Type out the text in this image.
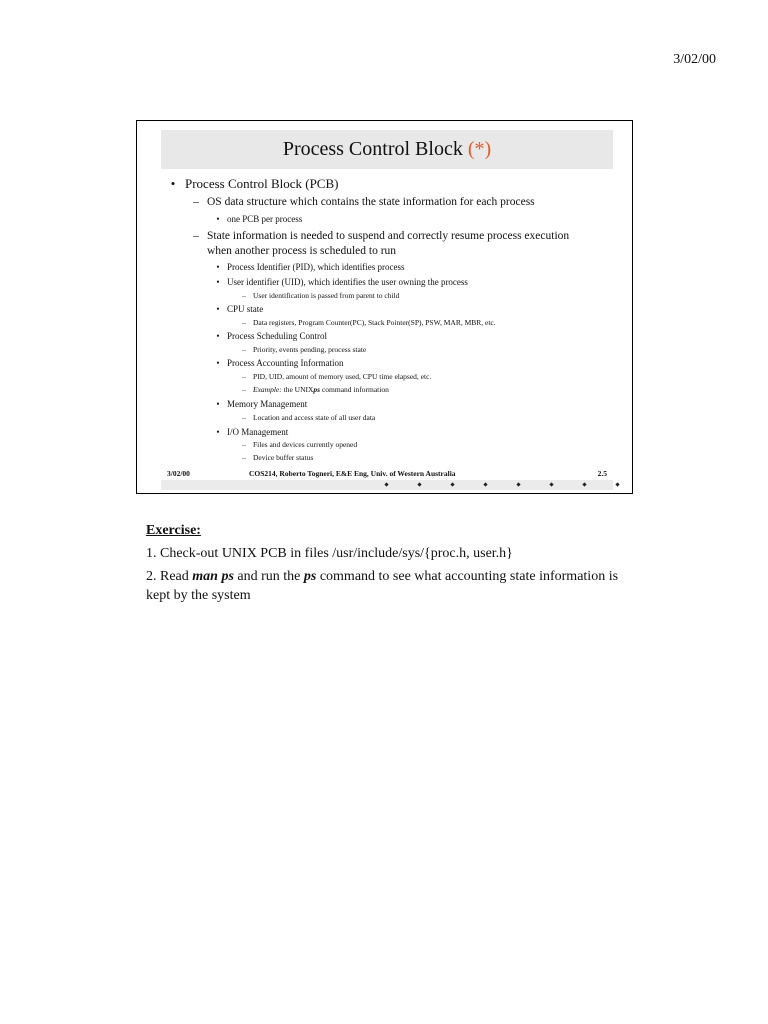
3/02/00
Process Control Block (*)
• Process Control Block (PCB)
– OS data structure which contains the state information for each process
• one PCB per process
– State information is needed to suspend and correctly resume process execution
when another process is scheduled to run
• Process Identifier (PID), which identifies process
• User identifier (UID), which identifies the user owning the process
– User identification is passed from parent to child
• CPU state
– Data registers, Program Counter(PC), Stack Pointer(SP), PSW, MAR, MBR, etc.
• Process Scheduling Control
– Priority, events pending, process state
• Process Accounting Information
– PID, UID, amount of memory used, CPU time elapsed, etc.
– Example: the UNIXps command information
• Memory Management
– Location and access state of all user data
• I/O Management
– Files and devices currently opened
– Device buffer status
3/02/00	COS214, Roberto Togneri, E&E Eng, Univ. of Western Australia	2.5
Exercise:

1. Check-out UNIX PCB in files /usr/include/sys/{proc.h, user.h}

2. Read man ps and run the ps command to see what accounting state information is kept by the system
